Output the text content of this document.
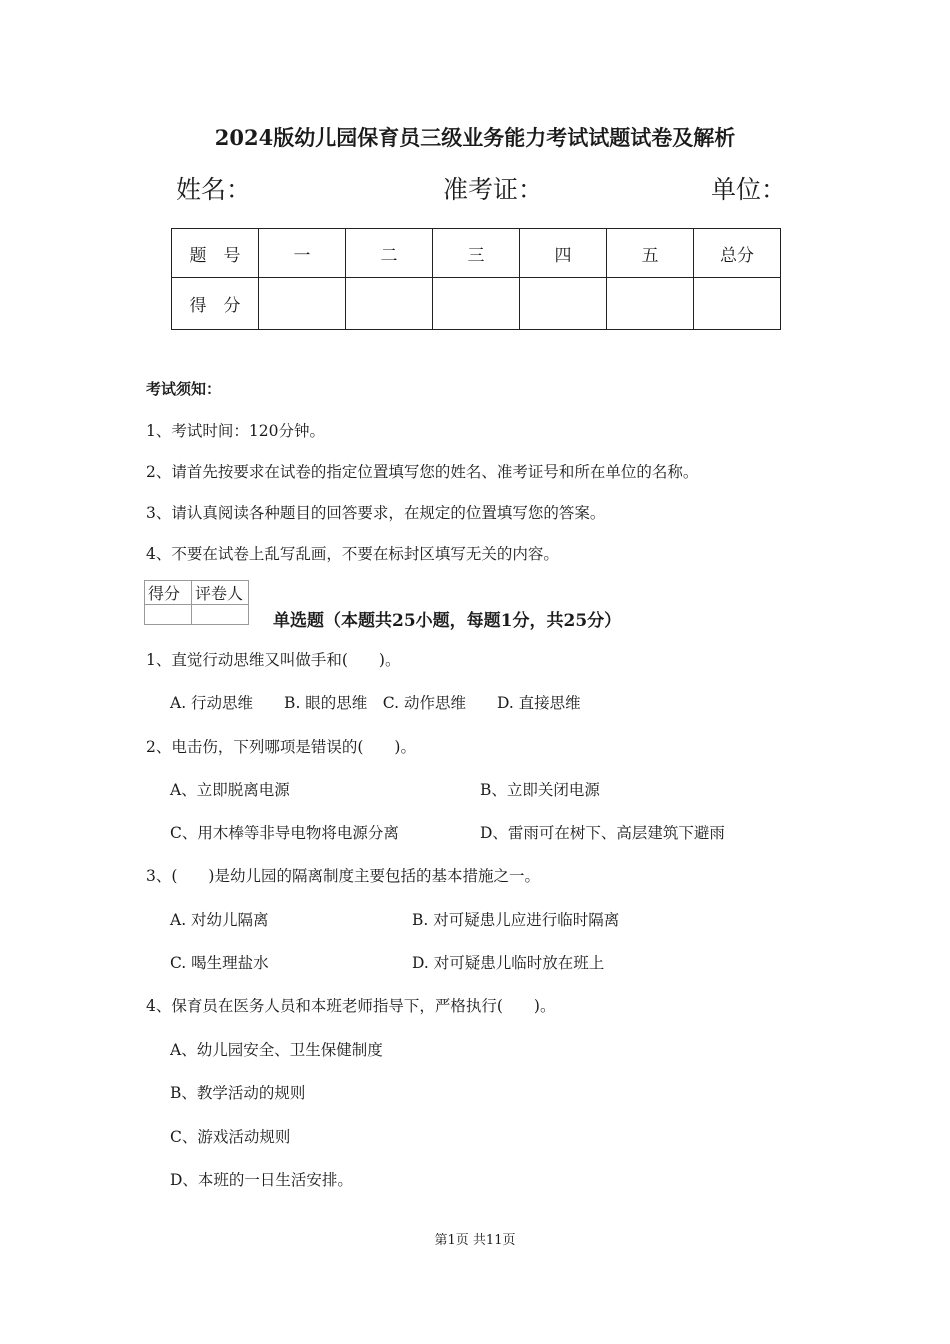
2024版幼儿园保育员三级业务能力考试试题试卷及解析
姓名：	准考证：	单位：
题　号	一	二	三	四	五	总分
得　分						
考试须知：
1、考试时间：120分钟。
2、请首先按要求在试卷的指定位置填写您的姓名、准考证号和所在单位的名称。
3、请认真阅读各种题目的回答要求，在规定的位置填写您的答案。
4、不要在试卷上乱写乱画，不要在标封区填写无关的内容。
得分	评卷人

单选题（本题共25小题，每题1分，共25分）
1、直觉行动思维又叫做手和(　　)。
A. 行动思维　　B. 眼的思维　C. 动作思维　　D. 直接思维
2、电击伤，下列哪项是错误的(　　)。
A、立即脱离电源	B、立即关闭电源
C、用木棒等非导电物将电源分离	D、雷雨可在树下、高层建筑下避雨
3、(　　)是幼儿园的隔离制度主要包括的基本措施之一。
A. 对幼儿隔离	B. 对可疑患儿应进行临时隔离
C. 喝生理盐水	D. 对可疑患儿临时放在班上
4、保育员在医务人员和本班老师指导下，严格执行(　　)。
A、幼儿园安全、卫生保健制度
B、教学活动的规则
C、游戏活动规则
D、本班的一日生活安排。
第1页 共11页
